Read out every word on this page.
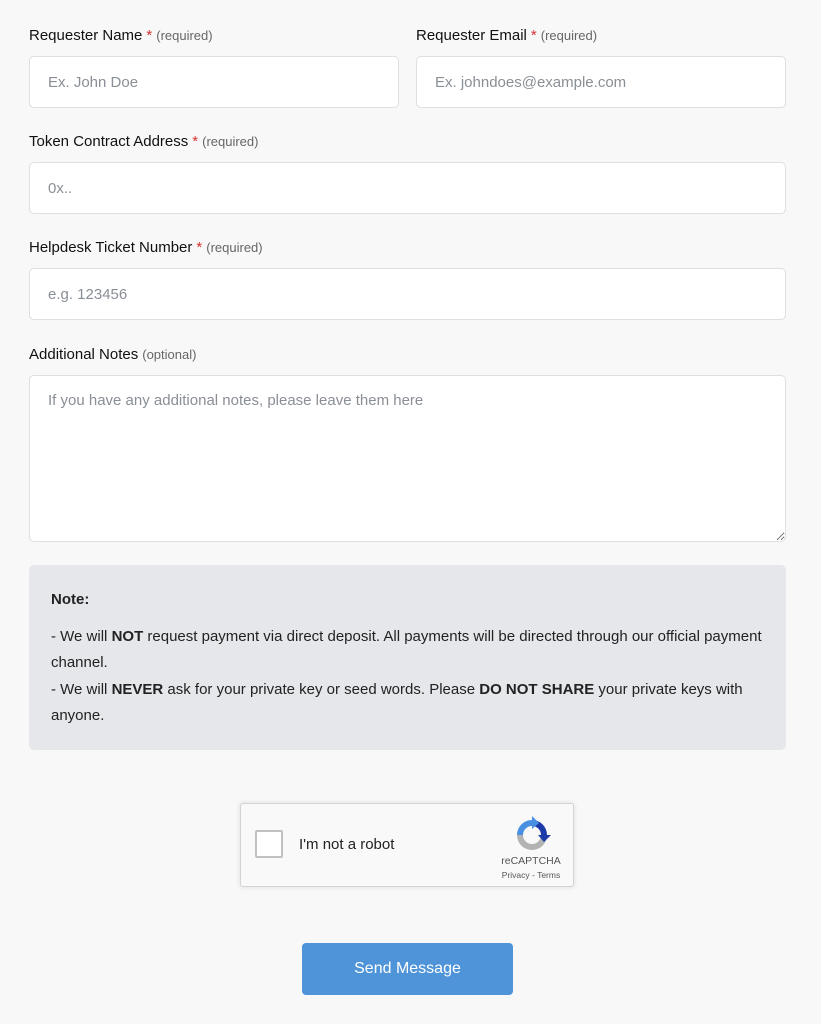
Requester Name * (required)
Ex. John Doe	Requester Email * (required)
Ex. johndoes@example.com
Token Contract Address * (required)
0x..
Helpdesk Ticket Number * (required)
e.g. 123456
Additional Notes (optional)
If you have any additional notes, please leave them here
Note:

- We will NOT request payment via direct deposit. All payments will be directed through our official payment channel.

- We will NEVER ask for your private key or seed words. Please DO NOT SHARE your private keys with anyone.

I'm not a robot
reCAPTCHA
Privacy - Terms
Send Message
